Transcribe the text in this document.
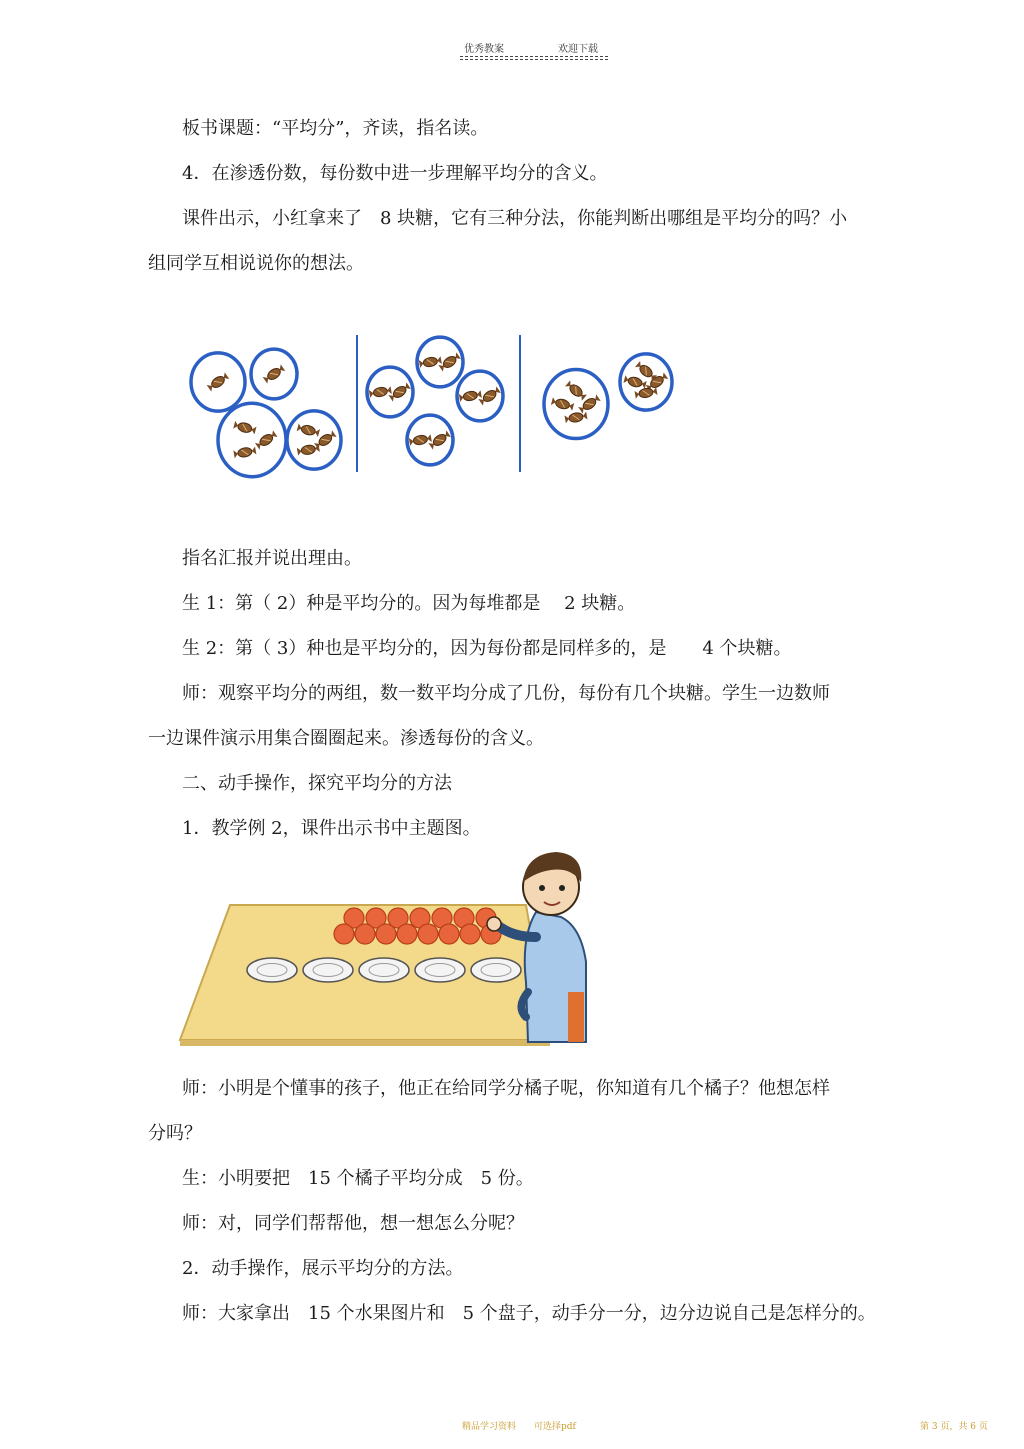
优秀教案	欢迎下载
板书课题：“平均分”，齐读，指名读。
4．在渗透份数，每份数中进一步理解平均分的含义。
课件出示，小红拿来了　8 块糖，它有三种分法，你能判断出哪组是平均分的吗？小
组同学互相说说你的想法。
指名汇报并说出理由。
生 1：第（ 2）种是平均分的。因为每堆都是　 2 块糖。
生 2：第（ 3）种也是平均分的，因为每份都是同样多的，是　　4 个块糖。
师：观察平均分的两组，数一数平均分成了几份，每份有几个块糖。学生一边数师
一边课件演示用集合圈圈起来。渗透每份的含义。
二、动手操作，探究平均分的方法
1．教学例 2，课件出示书中主题图。
师：小明是个懂事的孩子，他正在给同学分橘子呢，你知道有几个橘子？他想怎样
分吗？
生：小明要把　15 个橘子平均分成　5 份。
师：对，同学们帮帮他，想一想怎么分呢？
2．动手操作，展示平均分的方法。
师：大家拿出　15 个水果图片和　5 个盘子，动手分一分，边分边说自己是怎样分的。
精品学习资料　　可选择pdf	第 3 页，共 6 页
